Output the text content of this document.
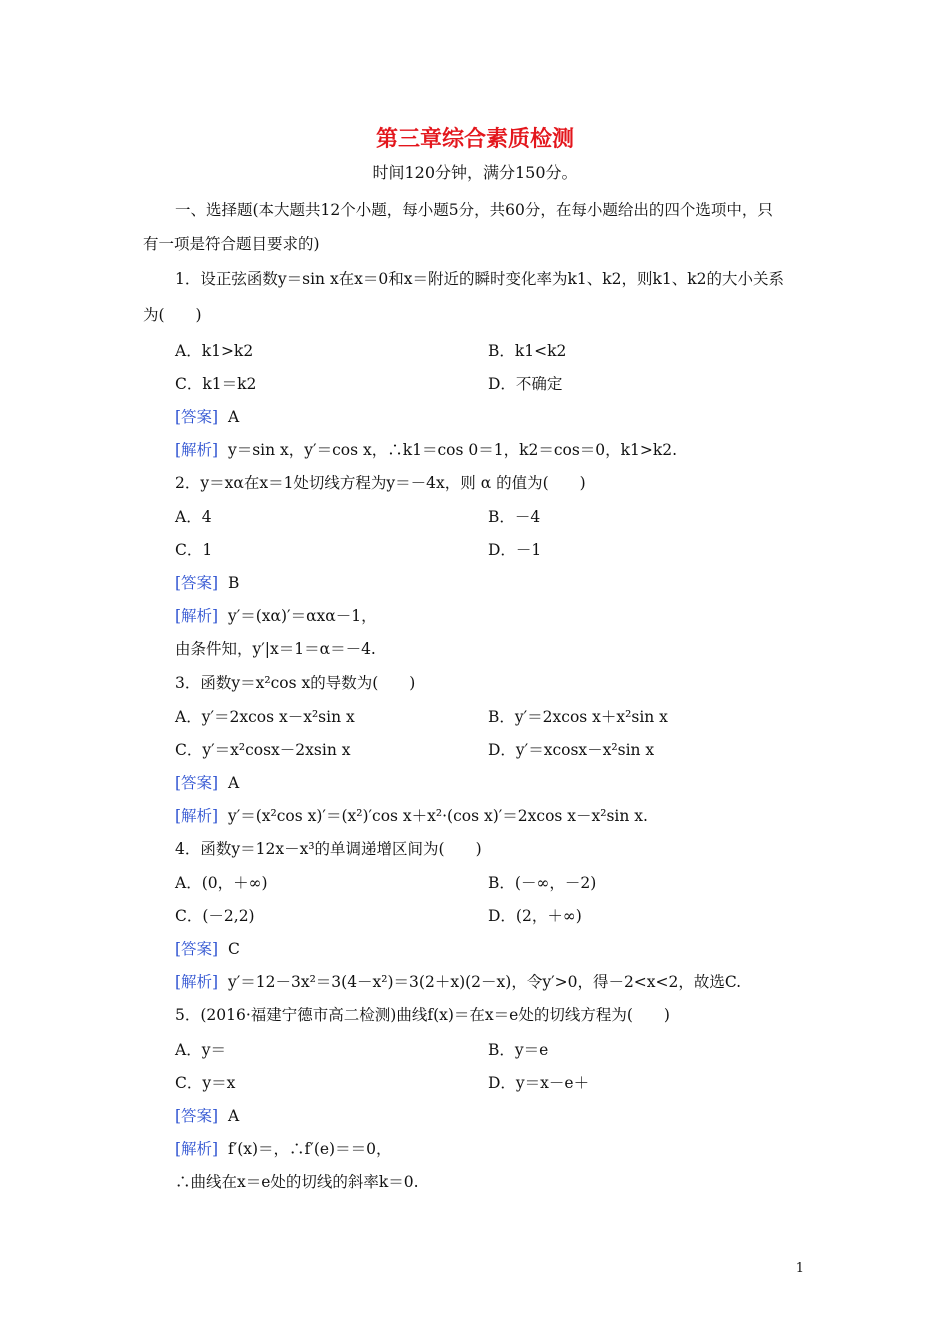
第三章综合素质检测
时间120分钟，满分150分。
一、选择题(本大题共12个小题，每小题5分，共60分，在每小题给出的四个选项中，只
有一项是符合题目要求的)
1．设正弦函数y＝sin x在x＝0和x＝附近的瞬时变化率为k1、k2，则k1、k2的大小关系
为(　　)
A．k1>k2	B．k1<k2
C．k1＝k2	D．不确定
[答案] A
[解析] y＝sin x，y′＝cos x，∴k1＝cos 0＝1，k2＝cos＝0，k1>k2.
2．y＝xα在x＝1处切线方程为y＝－4x，则 α 的值为(　　)
A．4	B．－4
C．1	D．－1
[答案] B
[解析] y′＝(xα)′＝αxα－1，
由条件知，y′|x＝1＝α＝－4.
3．函数y＝x²cos x的导数为(　　)
A．y′＝2xcos x－x²sin x	B．y′＝2xcos x＋x²sin x
C．y′＝x²cosx－2xsin x	D．y′＝xcosx－x²sin x
[答案] A
[解析] y′＝(x²cos x)′＝(x²)′cos x＋x²·(cos x)′＝2xcos x－x²sin x.
4．函数y＝12x－x³的单调递增区间为(　　)
A．(0，＋∞)	B．(－∞，－2)
C．(－2,2)	D．(2，＋∞)
[答案] C
[解析] y′＝12－3x²＝3(4－x²)＝3(2＋x)(2－x)，令y′>0，得－2<x<2，故选C.
5．(2016·福建宁德市高二检测)曲线f(x)＝在x＝e处的切线方程为(　　)
A．y＝	B．y＝e
C．y＝x	D．y＝x－e＋
[答案] A
[解析] f′(x)＝，∴f′(e)＝＝0，
∴曲线在x＝e处的切线的斜率k＝0.
1
